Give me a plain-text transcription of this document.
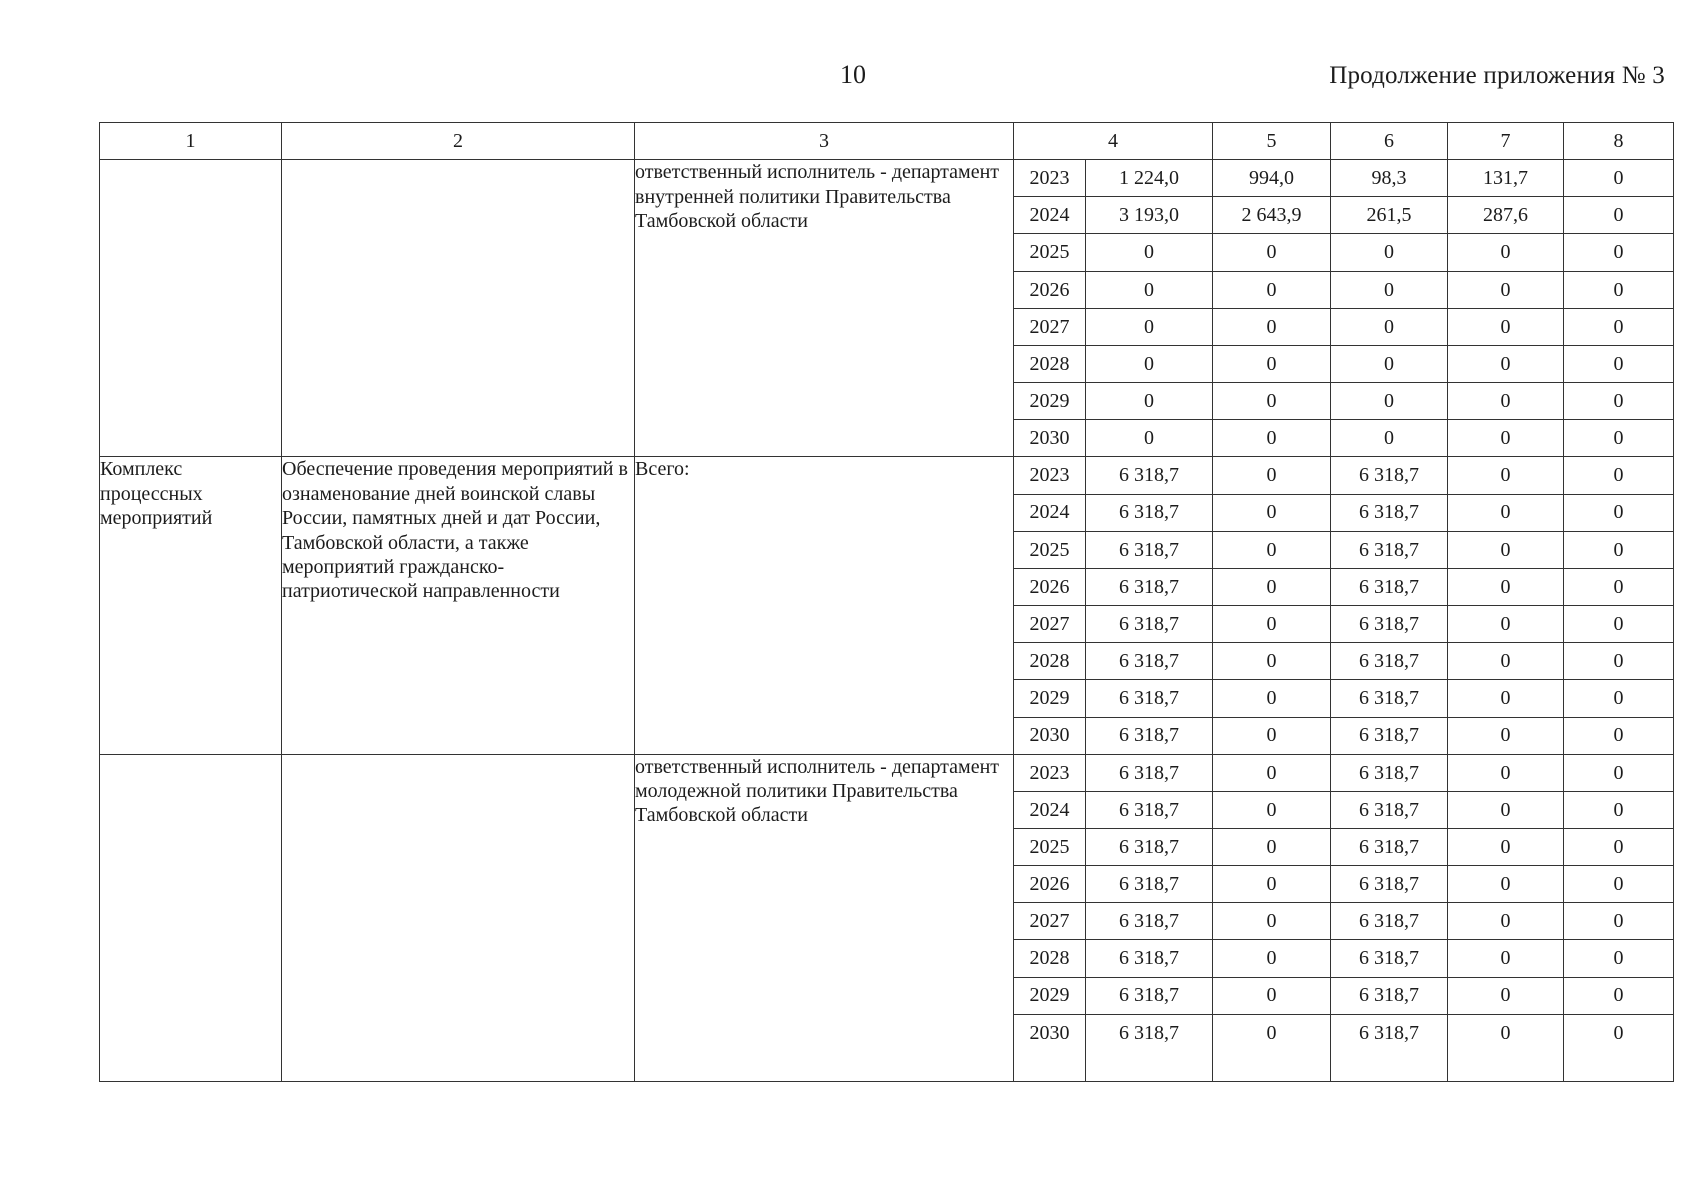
10	Продолжение приложения № 3
1	2	3	4		5	6	7	8
		ответственный исполнитель - департамент внутренней политики Правительства Тамбовской области	2023	1 224,0	994,0	98,3	131,7	0
			2024	3 193,0	2 643,9	261,5	287,6	0
			2025	0	0	0	0	0
			2026	0	0	0	0	0
			2027	0	0	0	0	0
			2028	0	0	0	0	0
			2029	0	0	0	0	0
			2030	0	0	0	0	0
Комплекс процессных мероприятий	Обеспечение проведения мероприятий в ознаменование дней воинской славы России, памятных дней и дат России, Тамбовской области, а также мероприятий гражданско-патриотической направленности	Всего:	2023	6 318,7	0	6 318,7	0	0
			2024	6 318,7	0	6 318,7	0	0
			2025	6 318,7	0	6 318,7	0	0
			2026	6 318,7	0	6 318,7	0	0
			2027	6 318,7	0	6 318,7	0	0
			2028	6 318,7	0	6 318,7	0	0
			2029	6 318,7	0	6 318,7	0	0
			2030	6 318,7	0	6 318,7	0	0
		ответственный исполнитель - департамент молодежной политики Правительства Тамбовской области	2023	6 318,7	0	6 318,7	0	0
			2024	6 318,7	0	6 318,7	0	0
			2025	6 318,7	0	6 318,7	0	0
			2026	6 318,7	0	6 318,7	0	0
			2027	6 318,7	0	6 318,7	0	0
			2028	6 318,7	0	6 318,7	0	0
			2029	6 318,7	0	6 318,7	0	0
			2030	6 318,7	0	6 318,7	0	0
